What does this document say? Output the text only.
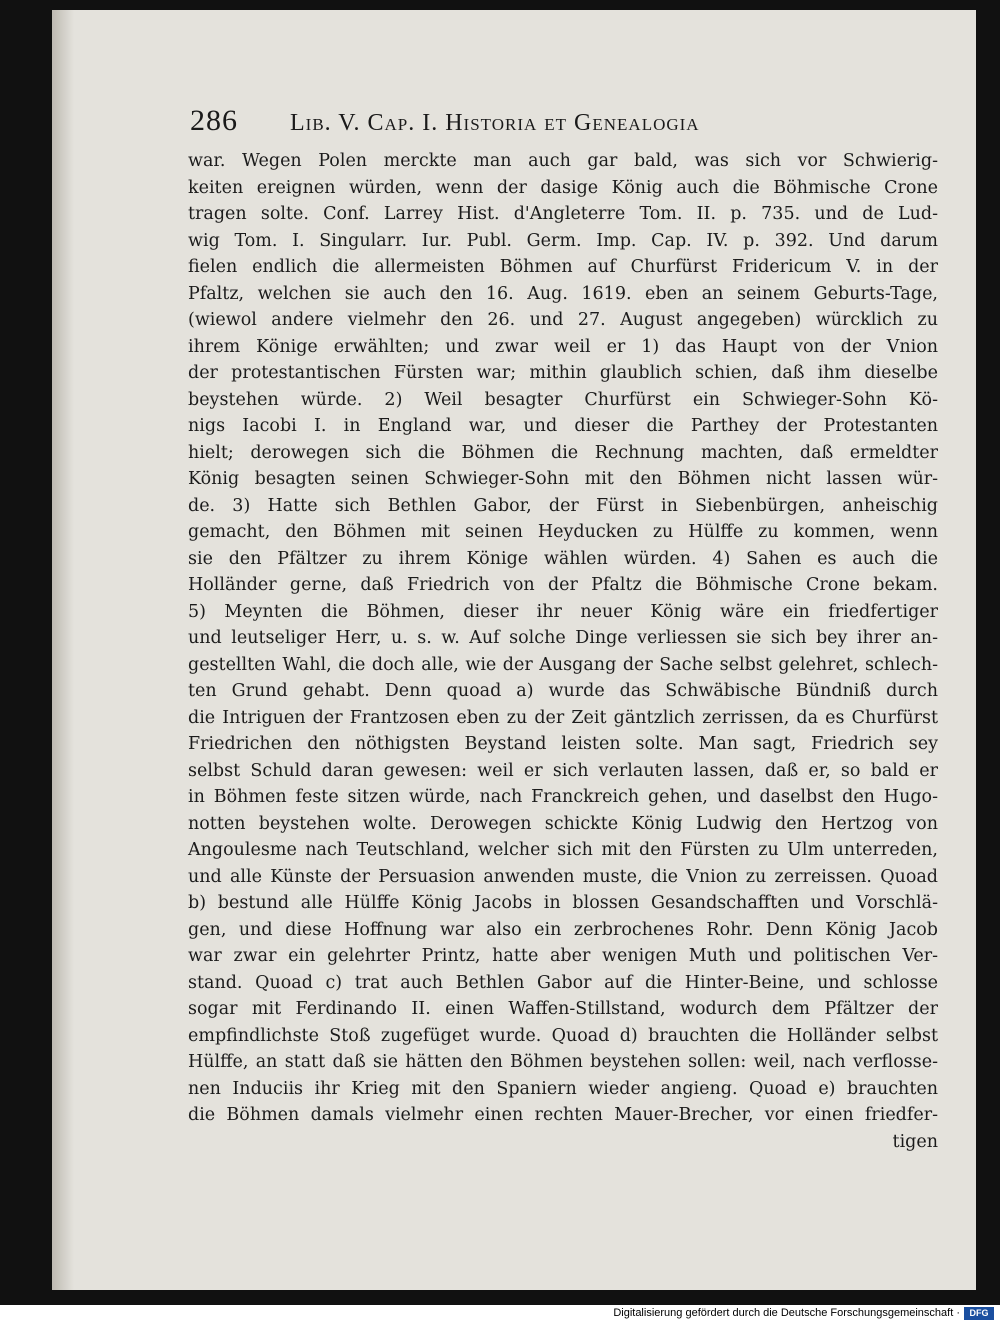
286 Lib. V. Cap. I. Historia et Genealogia
war. Wegen Polen merckte man auch gar bald, was sich vor Schwierig-
keiten ereignen würden, wenn der dasige König auch die Böhmische Crone
tragen solte. Conf. Larrey Hist. d'Angleterre Tom. II. p. 735. und de Lud-
wig Tom. I. Singularr. Iur. Publ. Germ. Imp. Cap. IV. p. 392. Und darum
fielen endlich die allermeisten Böhmen auf Churfürst Fridericum V. in der
Pfaltz, welchen sie auch den 16. Aug. 1619. eben an seinem Geburts-Tage,
(wiewol andere vielmehr den 26. und 27. August angegeben) würcklich zu
ihrem Könige erwählten; und zwar weil er 1) das Haupt von der Vnion
der protestantischen Fürsten war; mithin glaublich schien, daß ihm dieselbe
beystehen würde. 2) Weil besagter Churfürst ein Schwieger-Sohn Kö-
nigs Iacobi I. in England war, und dieser die Parthey der Protestanten
hielt; derowegen sich die Böhmen die Rechnung machten, daß ermeldter
König besagten seinen Schwieger-Sohn mit den Böhmen nicht lassen wür-
de. 3) Hatte sich Bethlen Gabor, der Fürst in Siebenbürgen, anheischig
gemacht, den Böhmen mit seinen Heyducken zu Hülffe zu kommen, wenn
sie den Pfältzer zu ihrem Könige wählen würden. 4) Sahen es auch die
Holländer gerne, daß Friedrich von der Pfaltz die Böhmische Crone bekam.
5) Meynten die Böhmen, dieser ihr neuer König wäre ein friedfertiger
und leutseliger Herr, u. s. w. Auf solche Dinge verliessen sie sich bey ihrer an-
gestellten Wahl, die doch alle, wie der Ausgang der Sache selbst gelehret, schlech-
ten Grund gehabt. Denn quoad a) wurde das Schwäbische Bündniß durch
die Intriguen der Frantzosen eben zu der Zeit gäntzlich zerrissen, da es Churfürst
Friedrichen den nöthigsten Beystand leisten solte. Man sagt, Friedrich sey
selbst Schuld daran gewesen: weil er sich verlauten lassen, daß er, so bald er
in Böhmen feste sitzen würde, nach Franckreich gehen, und daselbst den Hugo-
notten beystehen wolte. Derowegen schickte König Ludwig den Hertzog von
Angoulesme nach Teutschland, welcher sich mit den Fürsten zu Ulm unterreden,
und alle Künste der Persuasion anwenden muste, die Vnion zu zerreissen. Quoad
b) bestund alle Hülffe König Jacobs in blossen Gesandschafften und Vorschlä-
gen, und diese Hoffnung war also ein zerbrochenes Rohr. Denn König Jacob
war zwar ein gelehrter Printz, hatte aber wenigen Muth und politischen Ver-
stand. Quoad c) trat auch Bethlen Gabor auf die Hinter-Beine, und schlosse
sogar mit Ferdinando II. einen Waffen-Stillstand, wodurch dem Pfältzer der
empfindlichste Stoß zugefüget wurde. Quoad d) brauchten die Holländer selbst
Hülffe, an statt daß sie hätten den Böhmen beystehen sollen: weil, nach verflosse-
nen Induciis ihr Krieg mit den Spaniern wieder angieng. Quoad e) brauchten
die Böhmen damals vielmehr einen rechten Mauer-Brecher, vor einen friedfer-
tigen
Digitalisierung gefördert durch die Deutsche Forschungsgemeinschaft ·	DFG
